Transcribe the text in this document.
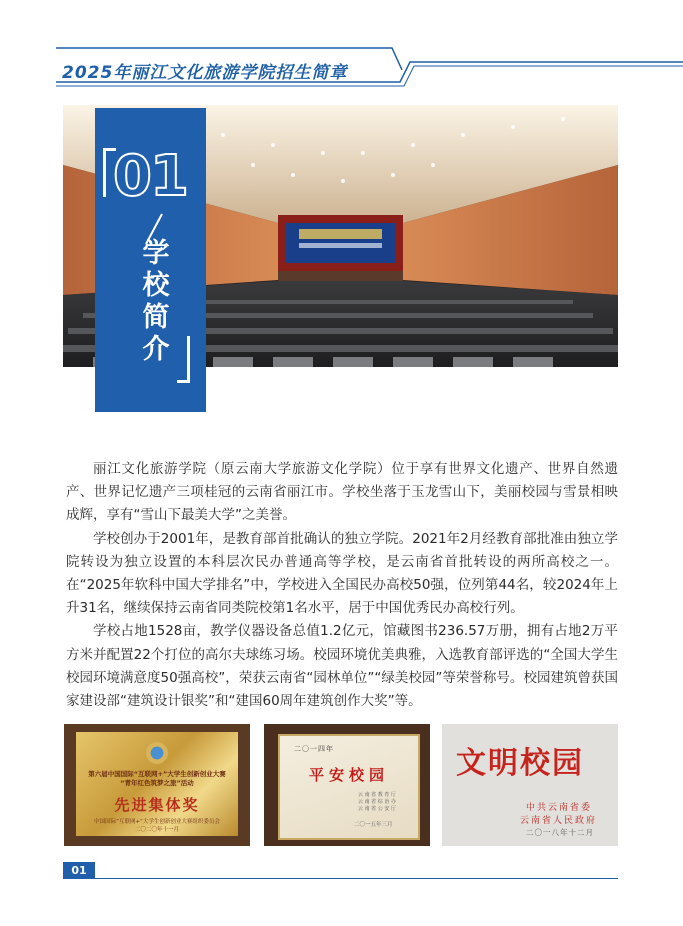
2025年丽江文化旅游学院招生简章
01
学校简介

丽江文化旅游学院（原云南大学旅游文化学院）位于享有世界文化遗产、世界自然遗产、世界记忆遗产三项桂冠的云南省丽江市。学校坐落于玉龙雪山下，美丽校园与雪景相映成辉，享有“雪山下最美大学”之美誉。

学校创办于2001年，是教育部首批确认的独立学院。2021年2月经教育部批准由独立学院转设为独立设置的本科层次民办普通高等学校，是云南省首批转设的两所高校之一。在“2025年软科中国大学排名”中，学校进入全国民办高校50强，位列第44名，较2024年上升31名，继续保持云南省同类院校第1名水平，居于中国优秀民办高校行列。

学校占地1528亩，教学仪器设备总值1.2亿元，馆藏图书236.57万册，拥有占地2万平方米并配置22个打位的高尔夫球练习场。校园环境优美典雅，入选教育部评选的“全国大学生校园环境满意度50强高校”，荣获云南省“园林单位”“绿美校园”等荣誉称号。校园建筑曾获国家建设部“建筑设计银奖”和“建国60周年建筑创作大奖”等。

第六届中国国际“互联网+”大学生创新创业大赛
“青年红色筑梦之旅”活动
先进集体奖
中国国际“互联网+”大学生创新创业大赛组织委员会
二〇二〇年十一月
二〇一四年
平安校园
云 南 省 教 育 厅
云 南 省 综 治 办
云 南 省 公 安 厅
二〇一五年三月
文明校园
中共云南省委
云南省人民政府
二〇一八年十二月
01
